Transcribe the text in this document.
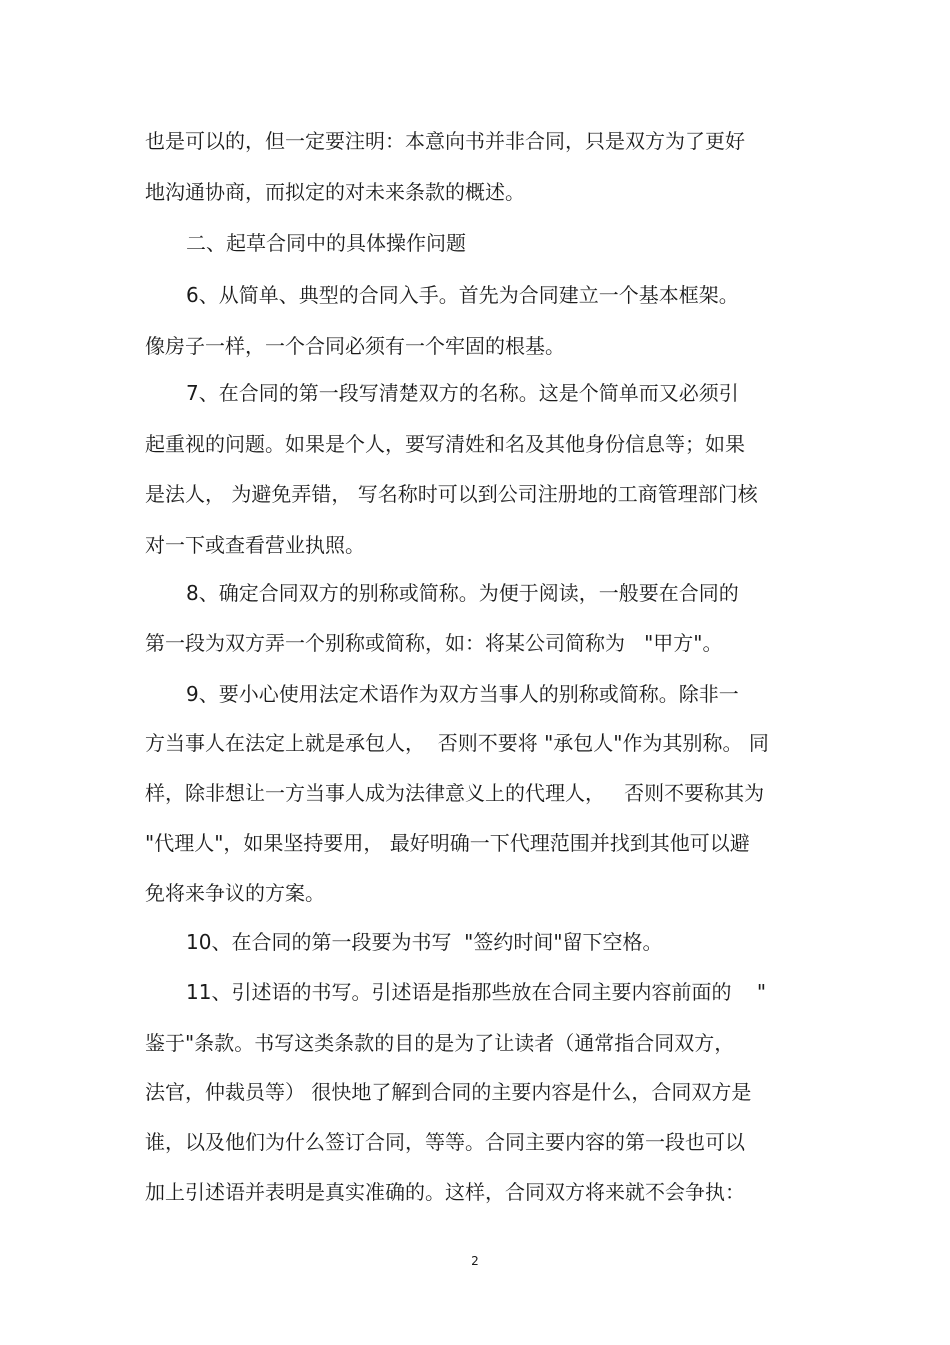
也是可以的，但一定要注明：本意向书并非合同，只是双方为了更好

地沟通协商，而拟定的对未来条款的概述。

二、起草合同中的具体操作问题

6、从简单、典型的合同入手。首先为合同建立一个基本框架。

像房子一样，一个合同必须有一个牢固的根基。

7、在合同的第一段写清楚双方的名称。这是个简单而又必须引

起重视的问题。如果是个人，要写清姓和名及其他身份信息等；如果

是法人， 为避免弄错， 写名称时可以到公司注册地的工商管理部门核

对一下或查看营业执照。

8、确定合同双方的别称或简称。为便于阅读，一般要在合同的

第一段为双方弄一个别称或简称，如：将某公司简称为   "甲方"。

9、要小心使用法定术语作为双方当事人的别称或简称。除非一

方当事人在法定上就是承包人，  否则不要将 "承包人"作为其别称。 同

样，除非想让一方当事人成为法律意义上的代理人，   否则不要称其为

"代理人"，如果坚持要用， 最好明确一下代理范围并找到其他可以避

免将来争议的方案。

10、在合同的第一段要为书写  "签约时间"留下空格。

11、引述语的书写。引述语是指那些放在合同主要内容前面的    "

鉴于"条款。书写这类条款的目的是为了让读者（通常指合同双方，

法官，仲裁员等） 很快地了解到合同的主要内容是什么，合同双方是

谁，以及他们为什么签订合同，等等。合同主要内容的第一段也可以

加上引述语并表明是真实准确的。这样，合同双方将来就不会争执：

2
